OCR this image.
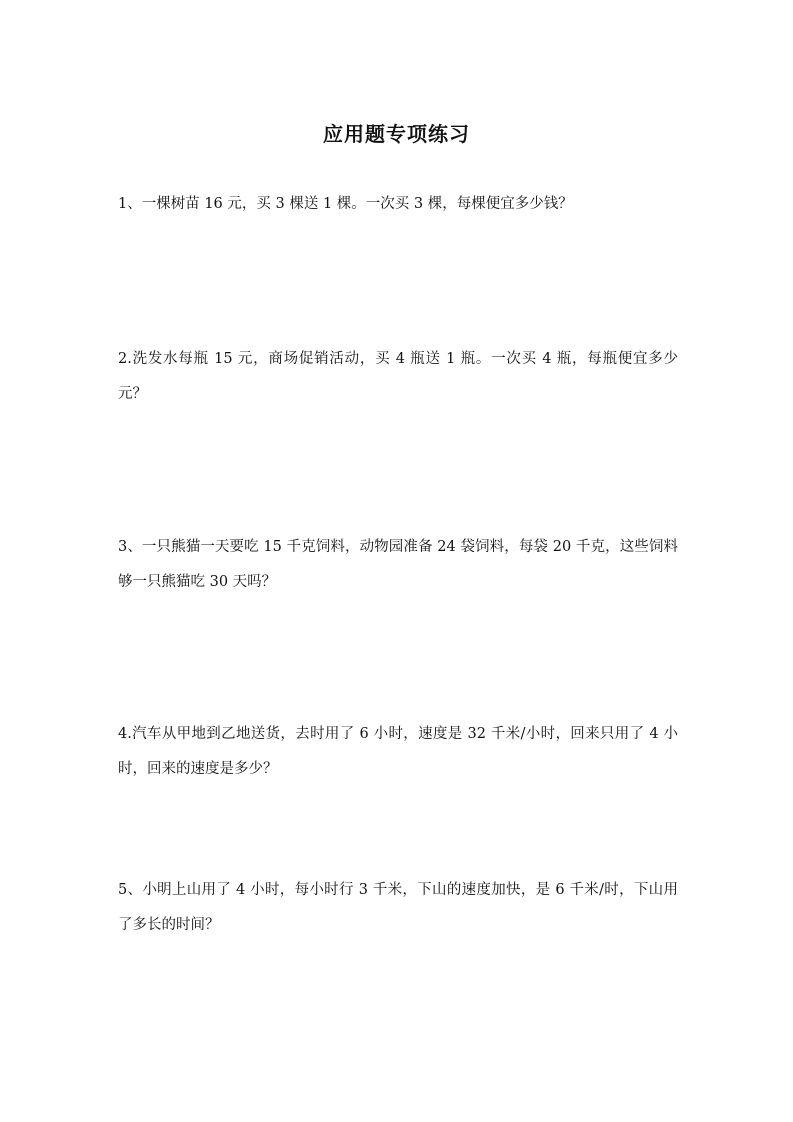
应用题专项练习
1、一棵树苗 16 元，买 3 棵送 1 棵。一次买 3 棵，每棵便宜多少钱？
2.洗发水每瓶 15 元，商场促销活动，买 4 瓶送 1 瓶。一次买 4 瓶，每瓶便宜多少元？
3、一只熊猫一天要吃 15 千克饲料，动物园准备 24 袋饲料，每袋 20 千克，这些饲料够一只熊猫吃 30 天吗？
4.汽车从甲地到乙地送货，去时用了 6 小时，速度是 32 千米/小时，回来只用了 4 小时，回来的速度是多少？
5、小明上山用了 4 小时，每小时行 3 千米，下山的速度加快，是 6 千米/时，下山用了多长的时间？
